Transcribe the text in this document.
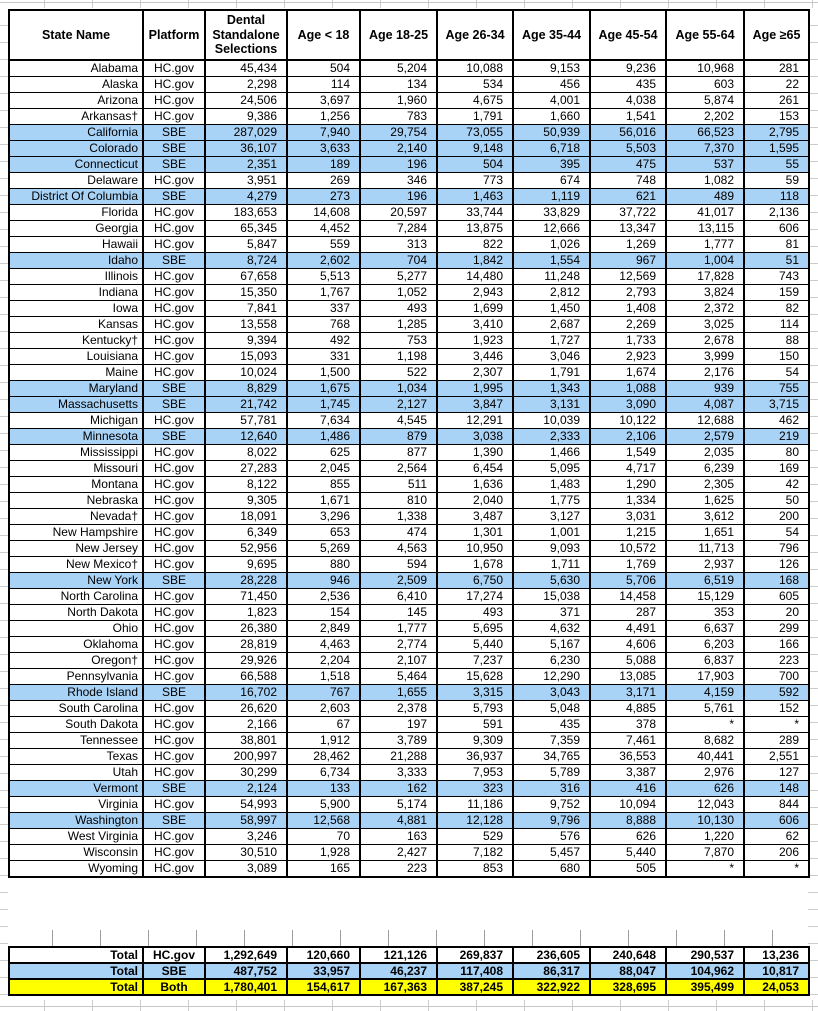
State Name	Platform	Dental Standalone Selections	Age < 18	Age 18-25	Age 26-34	Age 35-44	Age 45-54	Age 55-64	Age ≥65
Alabama	HC.gov	45,434	504	5,204	10,088	9,153	9,236	10,968	281
Alaska	HC.gov	2,298	114	134	534	456	435	603	22
Arizona	HC.gov	24,506	3,697	1,960	4,675	4,001	4,038	5,874	261
Arkansas†	HC.gov	9,386	1,256	783	1,791	1,660	1,541	2,202	153
California	SBE	287,029	7,940	29,754	73,055	50,939	56,016	66,523	2,795
Colorado	SBE	36,107	3,633	2,140	9,148	6,718	5,503	7,370	1,595
Connecticut	SBE	2,351	189	196	504	395	475	537	55
Delaware	HC.gov	3,951	269	346	773	674	748	1,082	59
District Of Columbia	SBE	4,279	273	196	1,463	1,119	621	489	118
Florida	HC.gov	183,653	14,608	20,597	33,744	33,829	37,722	41,017	2,136
Georgia	HC.gov	65,345	4,452	7,284	13,875	12,666	13,347	13,115	606
Hawaii	HC.gov	5,847	559	313	822	1,026	1,269	1,777	81
Idaho	SBE	8,724	2,602	704	1,842	1,554	967	1,004	51
Illinois	HC.gov	67,658	5,513	5,277	14,480	11,248	12,569	17,828	743
Indiana	HC.gov	15,350	1,767	1,052	2,943	2,812	2,793	3,824	159
Iowa	HC.gov	7,841	337	493	1,699	1,450	1,408	2,372	82
Kansas	HC.gov	13,558	768	1,285	3,410	2,687	2,269	3,025	114
Kentucky†	HC.gov	9,394	492	753	1,923	1,727	1,733	2,678	88
Louisiana	HC.gov	15,093	331	1,198	3,446	3,046	2,923	3,999	150
Maine	HC.gov	10,024	1,500	522	2,307	1,791	1,674	2,176	54
Maryland	SBE	8,829	1,675	1,034	1,995	1,343	1,088	939	755
Massachusetts	SBE	21,742	1,745	2,127	3,847	3,131	3,090	4,087	3,715
Michigan	HC.gov	57,781	7,634	4,545	12,291	10,039	10,122	12,688	462
Minnesota	SBE	12,640	1,486	879	3,038	2,333	2,106	2,579	219
Mississippi	HC.gov	8,022	625	877	1,390	1,466	1,549	2,035	80
Missouri	HC.gov	27,283	2,045	2,564	6,454	5,095	4,717	6,239	169
Montana	HC.gov	8,122	855	511	1,636	1,483	1,290	2,305	42
Nebraska	HC.gov	9,305	1,671	810	2,040	1,775	1,334	1,625	50
Nevada†	HC.gov	18,091	3,296	1,338	3,487	3,127	3,031	3,612	200
New Hampshire	HC.gov	6,349	653	474	1,301	1,001	1,215	1,651	54
New Jersey	HC.gov	52,956	5,269	4,563	10,950	9,093	10,572	11,713	796
New Mexico†	HC.gov	9,695	880	594	1,678	1,711	1,769	2,937	126
New York	SBE	28,228	946	2,509	6,750	5,630	5,706	6,519	168
North Carolina	HC.gov	71,450	2,536	6,410	17,274	15,038	14,458	15,129	605
North Dakota	HC.gov	1,823	154	145	493	371	287	353	20
Ohio	HC.gov	26,380	2,849	1,777	5,695	4,632	4,491	6,637	299
Oklahoma	HC.gov	28,819	4,463	2,774	5,440	5,167	4,606	6,203	166
Oregon†	HC.gov	29,926	2,204	2,107	7,237	6,230	5,088	6,837	223
Pennsylvania	HC.gov	66,588	1,518	5,464	15,628	12,290	13,085	17,903	700
Rhode Island	SBE	16,702	767	1,655	3,315	3,043	3,171	4,159	592
South Carolina	HC.gov	26,620	2,603	2,378	5,793	5,048	4,885	5,761	152
South Dakota	HC.gov	2,166	67	197	591	435	378	*	*
Tennessee	HC.gov	38,801	1,912	3,789	9,309	7,359	7,461	8,682	289
Texas	HC.gov	200,997	28,462	21,288	36,937	34,765	36,553	40,441	2,551
Utah	HC.gov	30,299	6,734	3,333	7,953	5,789	3,387	2,976	127
Vermont	SBE	2,124	133	162	323	316	416	626	148
Virginia	HC.gov	54,993	5,900	5,174	11,186	9,752	10,094	12,043	844
Washington	SBE	58,997	12,568	4,881	12,128	9,796	8,888	10,130	606
West Virginia	HC.gov	3,246	70	163	529	576	626	1,220	62
Wisconsin	HC.gov	30,510	1,928	2,427	7,182	5,457	5,440	7,870	206
Wyoming	HC.gov	3,089	165	223	853	680	505	*	*
Total	HC.gov	1,292,649	120,660	121,126	269,837	236,605	240,648	290,537	13,236
Total	SBE	487,752	33,957	46,237	117,408	86,317	88,047	104,962	10,817
Total	Both	1,780,401	154,617	167,363	387,245	322,922	328,695	395,499	24,053
